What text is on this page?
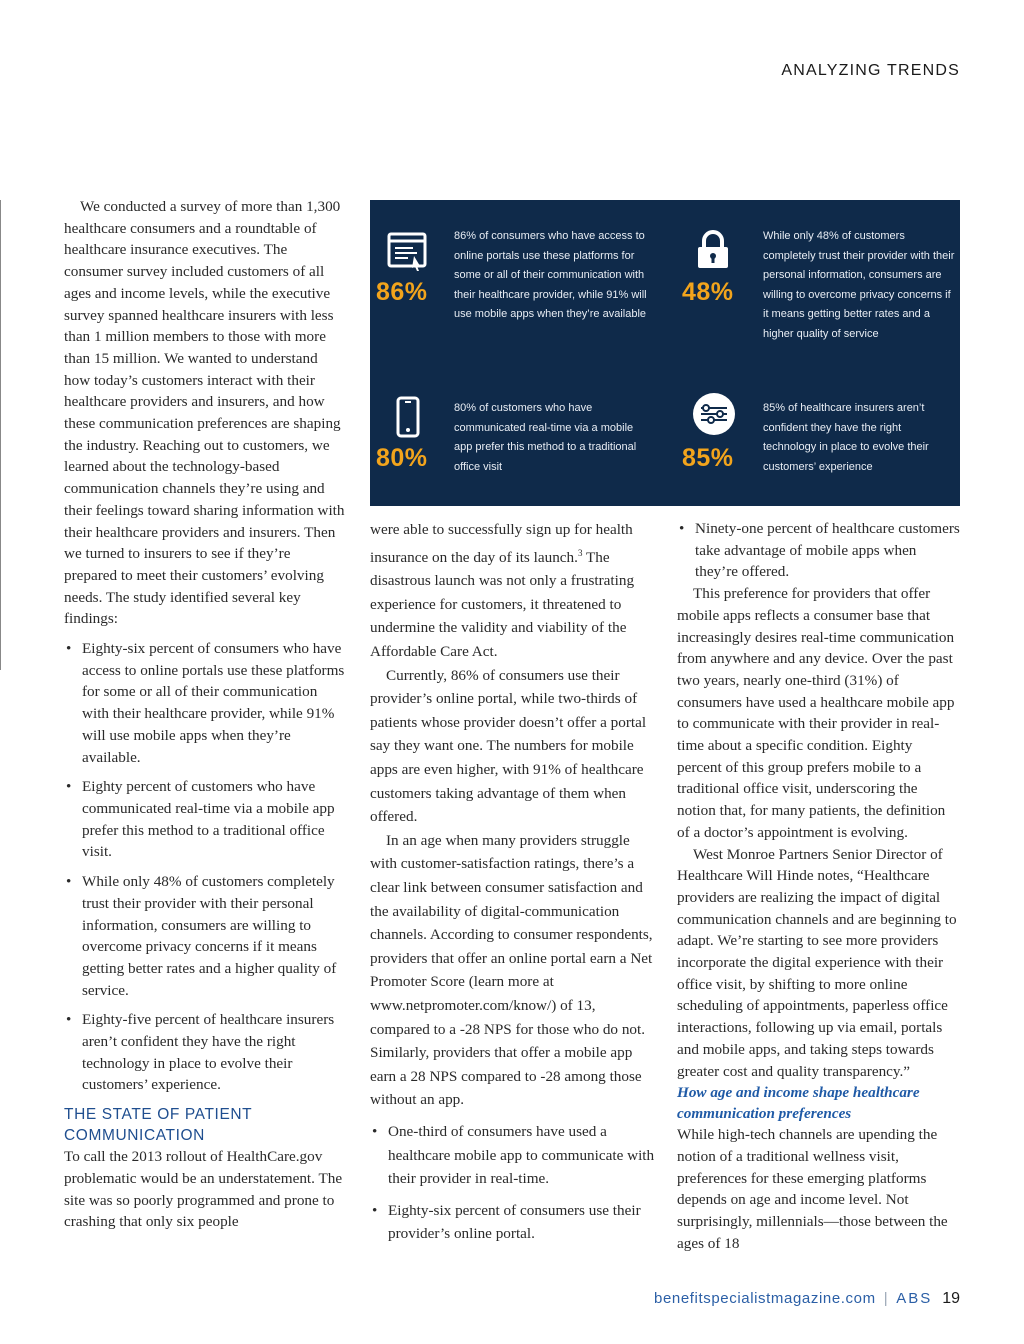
ANALYZING TRENDS

We conducted a survey of more than 1,300 healthcare consumers and a roundtable of healthcare insurance executives. The consumer survey included customers of all ages and income levels, while the executive survey spanned healthcare insurers with less than 1 million members to those with more than 15 million. We wanted to understand how today’s customers interact with their healthcare providers and insurers, and how these communication preferences are shaping the industry. Reaching out to customers, we learned about the technology-based communication channels they’re using and their feelings toward sharing information with their healthcare providers and insurers. Then we turned to insurers to see if they’re prepared to meet their customers’ evolving needs. The study identified several key findings:

• Eighty-six percent of consumers who have access to online portals use these platforms for some or all of their communication with their healthcare provider, while 91% will use mobile apps when they’re available.
• Eighty percent of customers who have communicated real-time via a mobile app prefer this method to a traditional office visit.
• While only 48% of customers completely trust their provider with their personal information, consumers are willing to overcome privacy concerns if it means getting better rates and a higher quality of service.
• Eighty-five percent of healthcare insurers aren’t confident they have the right technology in place to evolve their customers’ experience.

THE STATE OF PATIENT COMMUNICATION

To call the 2013 rollout of HealthCare.gov problematic would be an understatement. The site was so poorly programmed and prone to crashing that only six people

86%
86% of consumers who have access to online portals use these platforms for some or all of their communication with their healthcare provider, while 91% will use mobile apps when they’re available
48%
While only 48% of customers completely trust their provider with their personal information, consumers are willing to overcome privacy concerns if it means getting better rates and a higher quality of service
80%
80% of customers who have communicated real-time via a mobile app prefer this method to a traditional office visit	85%
85% of healthcare insurers aren’t confident they have the right technology in place to evolve their customers’ experience

were able to successfully sign up for health insurance on the day of its launch.$^3$ The disastrous launch was not only a frustrating experience for customers, it threatened to undermine the validity and viability of the Affordable Care Act.

Currently, 86% of consumers use their provider’s online portal, while two-thirds of patients whose provider doesn’t offer a portal say they want one. The numbers for mobile apps are even higher, with 91% of healthcare customers taking advantage of them when offered.

In an age when many providers struggle with customer-satisfaction ratings, there’s a clear link between consumer satisfaction and the availability of digital-communication channels. According to consumer respondents, providers that offer an online portal earn a Net Promoter Score (learn more at www.netpromoter.com/know/) of 13, compared to a -28 NPS for those who do not. Similarly, providers that offer a mobile app earn a 28 NPS compared to -28 among those without an app.

• One-third of consumers have used a healthcare mobile app to communicate with their provider in real-time.
• Eighty-six percent of consumers use their provider’s online portal.
• Ninety-one percent of healthcare customers take advantage of mobile apps when they’re offered.

This preference for providers that offer mobile apps reflects a consumer base that increasingly desires real-time communication from anywhere and any device. Over the past two years, nearly one-third (31%) of consumers have used a healthcare mobile app to communicate with their provider in real-time about a specific condition. Eighty percent of this group prefers mobile to a traditional office visit, underscoring the notion that, for many patients, the definition of a doctor’s appointment is evolving.

West Monroe Partners Senior Director of Healthcare Will Hinde notes, “Healthcare providers are realizing the impact of digital communication channels and are beginning to adapt. We’re starting to see more providers incorporate the digital experience with their office visit, by shifting to more online scheduling of appointments, paperless office interactions, following up via email, portals and mobile apps, and taking steps towards greater cost and quality transparency.”

How age and income shape healthcare communication preferences

While high-tech channels are upending the notion of a traditional wellness visit, preferences for these emerging platforms depends on age and income level. Not surprisingly, millennials—those between the ages of 18

benefitspecialistmagazine.com | ABS 19
